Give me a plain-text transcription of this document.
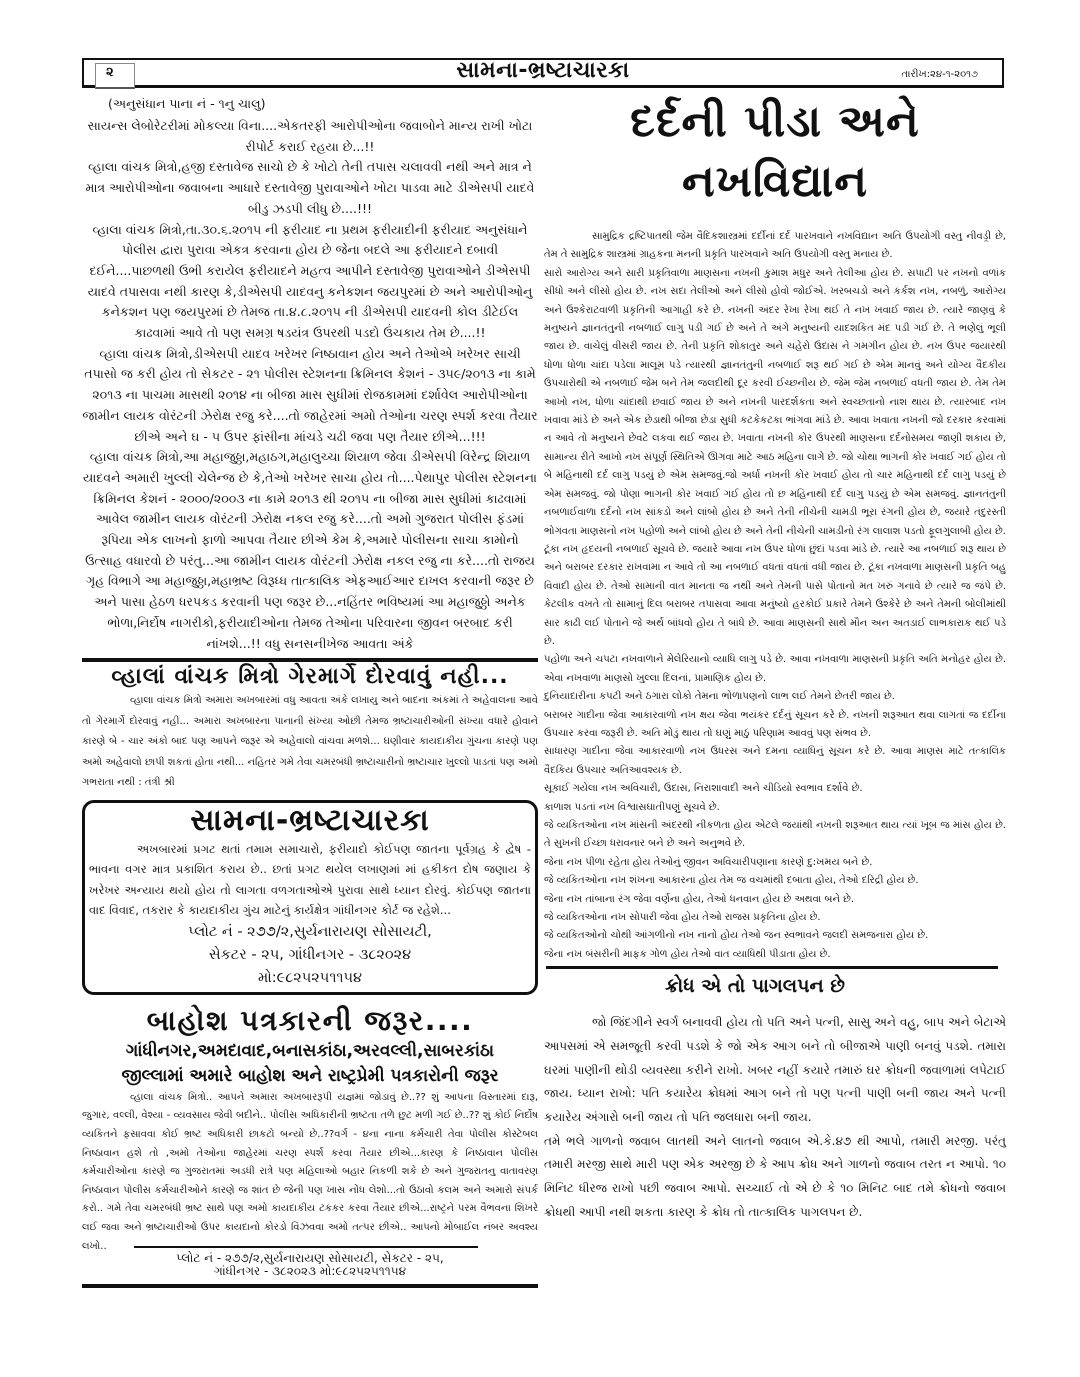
૨	સામના-ભ્રષ્ટાચારકા	તારીખ:૨૪-૧-૨૦૧૭
(અનુસંધાન પાના નં - ૧નુ ચાલુ)

સાયન્સ લેબોરેટરીમાં મોકલ્યા વિના....એકતરફી આરોપીઓના જવાબોને માન્ય રાખી ખોટા રીપોર્ટ કરાઈ રહયા છે...!!

વ્હાલા વાંચક મિત્રો,હજી દસ્તાવેજ સાચો છે કે ખોટો તેની તપાસ ચલાવવી નથી અને માત્ર ને માત્ર આરોપીઓના જવાબના આધારે દસ્તાવેજી પુરાવાઓને ખોટા પાડવા માટે ડીએસપી યાદવે બીડુ ઝડપી લીધુ છે....!!!

વ્હાલા વાંચક મિત્રો,તા.૩૦.૬.૨૦૧૫ ની ફરીયાદ ના પ્રથમ ફરીયાદીની ફરીયાદ અનુસંધાને પોલીસ દ્વારા પુરાવા એકત્ર કરવાના હોય છે જેના બદલે આ ફરીયાદને દબાવી દઈને....પાછળથી ઉભી કરાયેલ ફરીયાદને મહત્વ આપીને દસ્તાવેજી પુરાવાઓને ડીએસપી યાદવે તપાસવા નથી કારણ કે,ડીએસપી યાદવનુ કનેકશન જયપુરમાં છે અને આરોપીઓનુ કનેકશન પણ જયપુરમાં છે તેમજ તા.૪.૮.૨૦૧૫ ની ડીએસપી યાદવની કોલ ડીટેઈલ કાઢવામાં આવે તો પણ સમગ્ર ષડયંત્ર ઉપરથી પડદો ઉંચકાય તેમ છે....!!

વ્હાલા વાંચક મિત્રો,ડીએસપી યાદવ ખરેખર નિષ્ઠાવાન હોય અને તેઓએ ખરેખર સાચી તપાસો જ કરી હોય તો સેકટર - ૨૧ પોલીસ સ્ટેશનના ક્રિમિનલ કેશનં - ૩૫૯/૨૦૧૩ ના કામે ૨૦૧૩ ના પાચમા માસથી ૨૦૧૪ ના બીજા માસ સુધીમાં રોજકામમાં દર્શાવેલ આરોપીઓના જામીન લાયક વોરંટની ઝેરોક્ષ રજુ કરે....તો જાહેરમાં અમો તેઓના ચરણ સ્પર્શ કરવા તૈયાર છીએ અને ઘ - ૫ ઉપર ફાંસીના માંચડે ચઢી જવા પણ તૈયાર છીએ...!!!

વ્હાલા વાંચક મિત્રો,આ મહાજુઠ્ઠા,મહાઠગ,મહાલુચ્ચા શિયાળ જેવા ડીએસપી વિરેન્દ્ર શિયાળ યાદવને અમારી ખુલ્લી ચેલેન્જ છે કે,તેઓ ખરેખર સાચા હોય તો....પેથાપુર પોલીસ સ્ટેશનના ક્રિમિનલ કેશનં - ૨૦૦૦/૨૦૦૩ ના કામે ૨૦૧૩ થી ૨૦૧૫ ના બીજા માસ સુધીમાં કાઢવામાં આવેલ જામીન લાયક વોરંટની ઝેરોક્ષ નકલ રજુ કરે....તો અમો ગુજરાત પોલીસ ફંડમાં રૂપિયા એક લાખનો ફાળો આપવા તૈયાર છીએ કેમ કે,અમારે પોલીસના સાચા કામોનો ઉત્સાહ વધારવો છે પરંતુ...આ જામીન લાયક વોરંટની ઝેરોક્ષ નકલ રજુ ના કરે....તો રાજય ગૃહ વિભાગે આ મહાજુઠ્ઠા,મહાભ્રષ્ટ વિરૂધ્ધ તાત્કાલિક એફઆઈઆર દાખલ કરવાની જરૂર છે અને પાસા હેઠળ ધરપકડ કરવાની પણ જરૂર છે...નહિંતર ભવિષ્યમાં આ મહાજુઠ્ઠો અનેક ભોળા,નિર્દોષ નાગરીકો,ફરીયાદીઓના તેમજ તેઓના પરિવારના જીવન બરબાદ કરી નાંખશે...!! વધુ સનસનીખેજ આવતા અંકે

વ્હાલાં વાંચક મિત્રો ગેરમાર્ગે દોરવાવું નહી...

વ્હાલા વાંચક મિત્રો અમારા અખબારમાં વધુ આવતા અંકે લખાયુ અને બાદના અંકમાં તે અહેવાલના આવે તો ગેરમાર્ગે દોરવાવું નહી... અમારા અખબારના પાનાની સંખ્યા ઓછી તેમજ ભ્રષ્ટાચારીઓની સંખ્યા વધારે હોવાને કારણે બે - ચાર અંકો બાદ પણ આપને જરૂર એ અહેવાલો વાંચવા મળશે... ઘણીવાર કાયદાકીય ગુંચના કારણે પણ અમો અહેવાલો છાપી શકતાં હોતા નથી... નહિતર ગમે તેવા ચમરબંધી ભ્રષ્ટાચારીનો ભ્રષ્ટાચાર ખુલ્લો પાડતાં પણ અમો ગભરાતા નથી : તંત્રી શ્રી

સામના-ભ્રષ્ટાચારકા

અખબારમાં પ્રગટ થતાં તમામ સમાચારો, ફરીયાદો કોઈપણ જાતના પૂર્વગ્રહ કે દ્વેષ - ભાવના વગર માત્ર પ્રકાશિત કરાય છે.. છતાં પ્રગટ થયેલ લખાણમાં માં હકીકત દોષ જણાય કે ખરેખર અન્યાય થયો હોય તો લાગતા વળગતાઓએ પુરાવા સાથે ધ્યાન દોરવું. કોઈપણ જાતના વાદ વિવાદ, તકરાર કે કાયદાકીય ગુંચ માટેનું કાર્યક્ષેત્ર ગાંધીનગર કોર્ટ જ રહેશે...

પ્લોટ નં - ૨૭૭/૨,સુર્યનારાયણ સોસાયટી,

સેકટર - ૨૫, ગાંધીનગર - ૩૮૨૦૨૪

મો:૯૮૨૫૨૫૧૧૫૪

બાહોશ પત્રકારની જરૂર....

ગાંધીનગર,અમદાવાદ,બનાસકાંઠા,અરવલ્લી,સાબરકાંઠા

જીલ્લામાં અમારે બાહોશ અને રાષ્ટ્રપ્રેમી પત્રકારોની જરૂર

વ્હાલા વાંચક મિત્રો.. આપને અમારા અખબારરૂપી યજ્ઞમાં જોડાવું છે..?? શું આપના વિસ્તારમાં દારૂ, જુગાર, વલ્લી, વેશ્યા - વ્યવસાય જેવી બદીને.. પોલીસ અધિકારીની ભ્રષ્ટતા તળે છુટ મળી ગઈ છે..?? શું કોઈ નિર્દોષ વ્યકિતને ફસાવવા કોઈ ભ્રષ્ટ અધિકારી છાકટો બન્યો છે..??વર્ગ - ૪ના નાના કર્મચારી તેવા પોલીસ કોસ્ટેબલ નિષ્ઠાવાન હશે તો ,અમો તેઓના જાહેરમાં ચરણ સ્પર્શ કરવા તૈયાર છીએ...કારણ કે નિષ્ઠાવાન પોલીસ કર્મચારીઓના કારણે જ ગુજરાતમાં અડધી રાત્રે પણ મહિલાઓ બહાર નિકળી શકે છે અને ગુજરાતનુ વાતાવરણ નિષ્ઠાવાન પોલીસ કર્મચારીઓને કારણે જ શાંત છે જેની પણ ખાસ નોંધ લેશો...તો ઉઠાવો કલમ અને અમારો સંપર્ક કરો.. ગમે તેવા ચમરબંધી ભ્રષ્ટ સાથે પણ અમો કાયદાકીય ટકકર કરવા તૈયાર છીએ...રાષ્ટ્રને પરમ વૈભવના શિખરે લઈ જવા અને ભ્રષ્ટાચારીઓ ઉપર કાયદાનો કોરડો વિંઝવવા અમો તત્પર છીએ.. આપનો મોબાઈલ નંબર અવશ્ય લખો..

પ્લોટ નં - ૨૭૭/૨,સુર્યનારાયણ સોસાયટી, સેકટર - ૨૫,
ગાંધીનગર - ૩૮૨૦૨૩ મો:૯૮૨૫૨૫૧૧૫૪
દર્દની પીડા અને નખવિદ્યાન

સામુદ્રિક દ્રષ્ટિપાતથી જેમ વૈદિકશાસ્ત્રમાં દર્દીનાં દર્દ પારખવાને નખવિદ્યાન અતિ ઉપયોગી વસ્તુ નીવડ્રી છે, તેમ તે સામુદ્રિક શાસ્ત્રમાં ગ્રાહકના મનની પ્રકૃતિ પારખવાને અતિ ઉપયોગી વસ્તુ મનાય છે.

સારો આરોગ્ય અને સારી પ્રકૃતિવાળા માણસના નખની કુમાશ મધુર અને તેલીઆ હોય છે. સપાટી પર નખનો વળાંક સીધો અને લીસો હોય છે. નખ સદા તેલીઓ અને લીસો હોવો જોઈએ. ખરબચડો અને કર્કશ નખ, નબળું, આરોગ્ય અને ઉશ્કેરાટવાળી પ્રકૃતિની આગાહી કરે છે. નખની અંદર રેખા રેખા થઈ તે નખ ખવાઈ જાય છે. ત્યારે જાણવું કે મનુષ્યને જ્ઞાનતંતુની નબળાઈ લાગુ પડી ગઈ છે અને તે અંગે મનુષ્યની યાદશકિત મંદ પડી ગઈ છે. તે ભણેલું ભૂલી જાય છે. વાચેલું વીસરી જાય છે. તેની પ્રકૃતિ શોકાતુર અને ચહેરો ઉદાસ ને ગમગીન હોય છે. નખ ઉપર જયારથી ધોળા ધોળા ચાંદા પડેલા માલૂમ પડે ત્યારથી જ્ઞાનતંતુની નબળાઈ શરૂ થઈ ગઈ છે એમ માનવું અને યોગ્ય વૈદકીય ઉપચારોથી એ નબળાઈ જેમ બને તેમ જલદીથી દૂર કરવી ઈચ્છનીય છે. જેમ જેમ નબળાઈ વધતી જાય છે. તેમ તેમ આખો નખ, ધોળા ચાંદાથી છવાઈ જાય છે અને નખની પારદર્શકતા અને સ્વચ્છતાનો નાશ થાય છે. ત્યારબાદ નખ ખવાવા માંડે છે અને એક છેડાથી બીજા છેડા સુધી કટકેકટકા ભાંગવા માંડે છે. આવા ખવાતા નખની જો દરકાર કરવામાં ન આવે તો મનુષ્યને છેવટે લકવા થઈ જાય છે. ખવાતા નખની કોર ઉપરથી માણસના દર્દનોસમય જાણી શકાય છે, સામાન્ય રીતે આખો નખ સંપૂર્ણ સ્થિતિએ ઊગવા માટે આઠ મહિના લાગે છે. જો ચોથા ભાગની કોર ખવાઈ ગઈ હોય તો બે મહિનાથી દર્દ લાગુ પડયું છે એમ સમજવું.જો અર્ધા નખની કોર ખવાઈ હોય તો ચાર મહિનાથી દર્દ લાગુ પડયું છે એમ સમજવું. જો પોણા ભાગની કોર ખવાઈ ગઈ હોય તો છ મહિનાથી દર્દ લાગુ પડયું છે એમ સમજવું. જ્ઞાનતંતુની નબળાઈવાળા દર્દનો નખ સાંકડો અને લાંબો હોય છે અને તેની નીચેની ચામડી ભૂરા રંગની હોય છે, જયારે તંદુરસ્તી ભોગવતા માણસનો નખ પહોળો અને લાંબો હોય છે અને તેની નીચેની ચામડીનો રંગ લાલાશ પડતો ફૂલગુલાબી હોય છે.

ટૂંકા નખ હૃદયની નબળાઈ સૂચવે છે. જયારે આવા નખ ઉપર ધોળાં છુંદાં પડવા માંડે છે. ત્યારે આ નબળાઈ શરૂ થાય છે અને બરાબર દરકાર રાખવામા ન આવે તો આ નબળાઈ વધતાં વધતાં વધી જાય છે. ટૂંકા નખવાળા માણસની પ્રકૃતિ બહુ વિવાદી હોય છે. તેઓ સામાની વાત માનતા જ નથી અને તેમની પાસે પોતાનો મત ખરું ગનાવે છે ત્યારે જ જંપે છે. કેટલીક વખતે તો સામાનું દિલ બરાબર તપાસવા આવા મનુંષ્યો હરકોઈ પ્રકારે તેમને ઉશ્કેરે છે અને તેમની બોલીમાંથી સાર કાઢી લઈ પોતાને જે અર્થ બાંધવો હોય તે બાંધે છે. આવા માણસની સાથે મૌન અન અતડાઈ લાભકારાક થઈ પડે છે.

પહોળા અને ચપટા નખવાળાને મેલેરિયાનો વ્યાધિ લાગુ પડે છે. આવા નખવાળા માણસની પ્રકૃતિ અતિ મનોહર હોય છે. એવા નખવાળા માણસો ખુલ્લા દિલનાં, પ્રામાણિક હોય છે.

દુનિયાદારીના કપટી અને ઠગારા લોકો તેમના ભોળાપણનો લાભ લઈ તેમને છેતરી જાય છે.

બરાબર ગાદીના જેવા આકારવાળો નખ ક્ષય જેવા ભયંકર દર્દનું સૂચન કરે છે. નખની શરૂઆત થવા લાગતાં જ દર્દીના ઉપચાર કરવા જરૂરી છે. અતિ મોડું થાય તો ઘણું માઠું પરિણામ આવવું પણ સંભવ છે.

સાધારણ ગાદીના જેવા આકારવાળો નખ ઉધરસ અને દમના વ્યાધિનું સૂચન કરે છે. આવા માણસ માટે તત્કાલિક વૈદકિય ઉપચાર અતિઆવશ્યક છે.

સૂકાઈ ગયેલા નખ અવિચારી, ઉદાસ, નિરાશાવાદી અને ચીડિયો સ્વભાવ દર્શાવે છે.

કાળાશ પડતાં નખ વિશ્વાસઘાતીપણું સૂચવે છે.

જે વ્યકિતઓના નખ માંસની અંદરથી નીકળતા હોય એટલે જયાંથી નખની શરૂઆત થાય ત્યાં ખૂબ જ માંસ હોય છે. તે સુખની ઈચ્છા ધરાવનાર બને છે અને અનુભવે છે.

જેના નખ પીળા રહેતા હોય તેઓનું જીવન અવિચારીપણાના કારણે દુ:ખમય બને છે.

જે વ્યકિતઓના નખ શંખના આકારના હોય તેમ જ વચમાંથી દબાતા હોય, તેઓ દરિદ્રી હોય છે.

જેના નખ તાંબાના રંગ જેવા વર્ણના હોય, તેઓ ધનવાન હોય છે અથવા બને છે.

જે વ્યકિતઓના નખ સોપારી જેવા હોય તેઓ રાજસ પ્રકૃતિના હોય છે.

જે વ્યકિતઓનો ચોથી આંગળીનો નખ નાનો હોય તેઓ જન સ્વભાવને જલદી સમજનારા હોય છે.

જેના નખ બંસરીની માફક ગોળ હોય તેઓ વાત વ્યાધિથી પીડાતા હોય છે.

ક્રોધ એ તો પાગલપન છે

જો જિંદગીને સ્વર્ગ બનાવવી હોય તો પતિ અને પત્ની, સાસુ અને વહુ, બાપ અને બેટાએ આપસમાં એ સમજૂતી કરવી પડશે કે જો એક આગ બને તો બીજાએ પાણી બનવું પડશે. તમારા ઘરમાં પાણીની થોડી વ્યવસ્થા કરીને રાખો. ખબર નહીં કયારે તમારું ઘર ક્રોધની જવાળામાં લપેટાઈ જાય. ધ્યાન રાખો: પતિ કયારેય ક્રોધમાં આગ બને તો પણ પત્ની પાણી બની જાય અને પત્ની કયારેય અંગારો બની જાય તો પતિ જલધારા બની જાય.

તમે ભલે ગાળનો જવાબ લાતથી અને લાતનો જવાબ એ.કે.૪૭ થી આપો, તમારી મરજી. પરંતુ તમારી મરજી સાથે મારી પણ એક અરજી છે કે આપ ક્રોધ અને ગાળનો જવાબ તરત ન આપો. ૧૦ મિનિટ ધીરજ રાખો પછી જવાબ આપો. સચ્ચાઈ તો એ છે કે ૧૦ મિનિટ બાદ તમે ક્રોધનો જવાબ ક્રોધથી આપી નથી શકતા કારણ કે ક્રોધ તો તાત્કાલિક પાગલપન છે.
